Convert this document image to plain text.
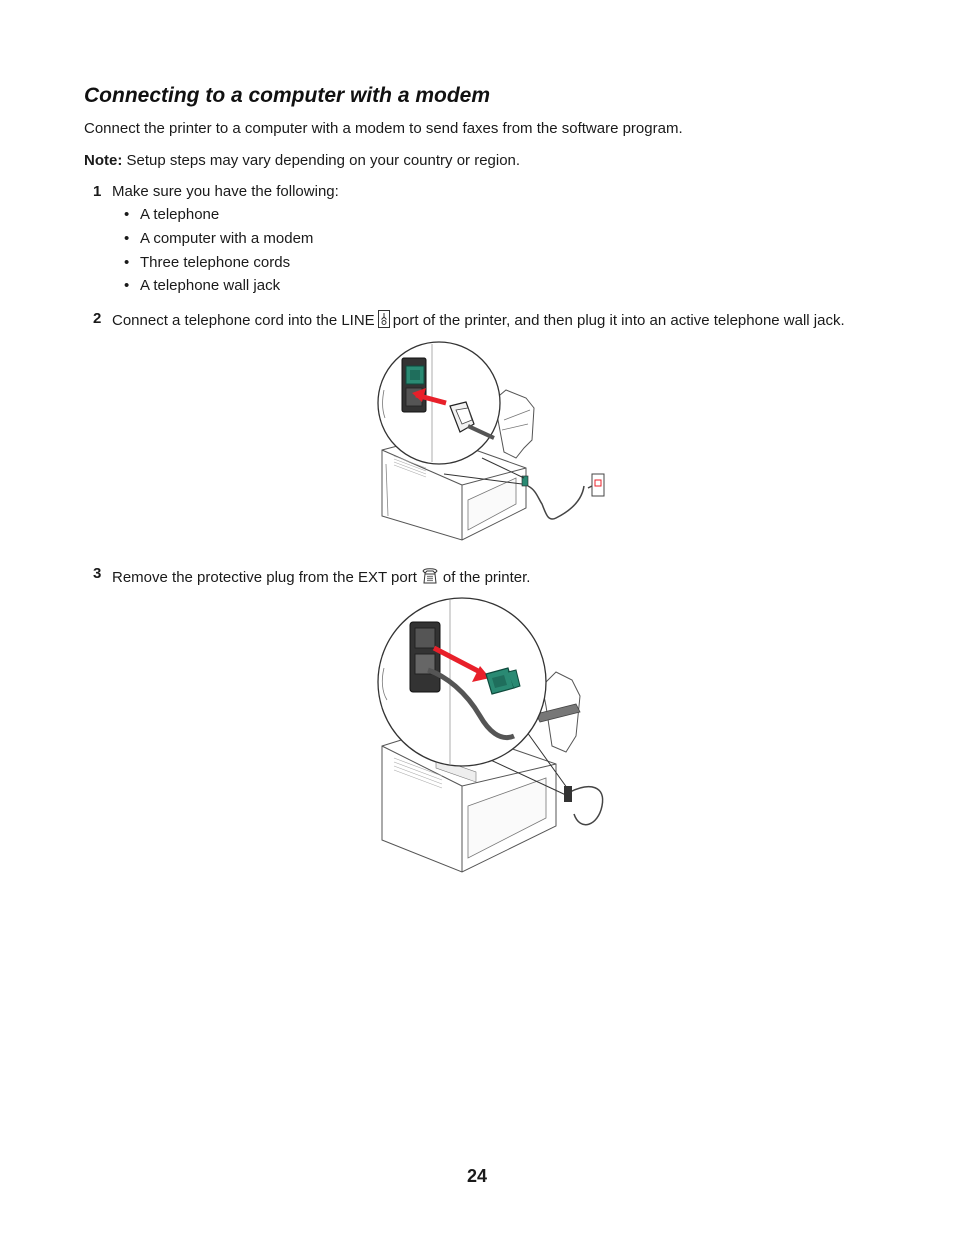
Connecting to a computer with a modem

Connect the printer to a computer with a modem to send faxes from the software program.

Note: Setup steps may vary depending on your country or region.

1 Make sure you have the following:
• A telephone
• A computer with a modem
• Three telephone cords
• A telephone wall jack
2 Connect a telephone cord into the LINE port of the printer, and then plug it into an active telephone wall jack.
3 Remove the protective plug from the EXT port of the printer.
24
